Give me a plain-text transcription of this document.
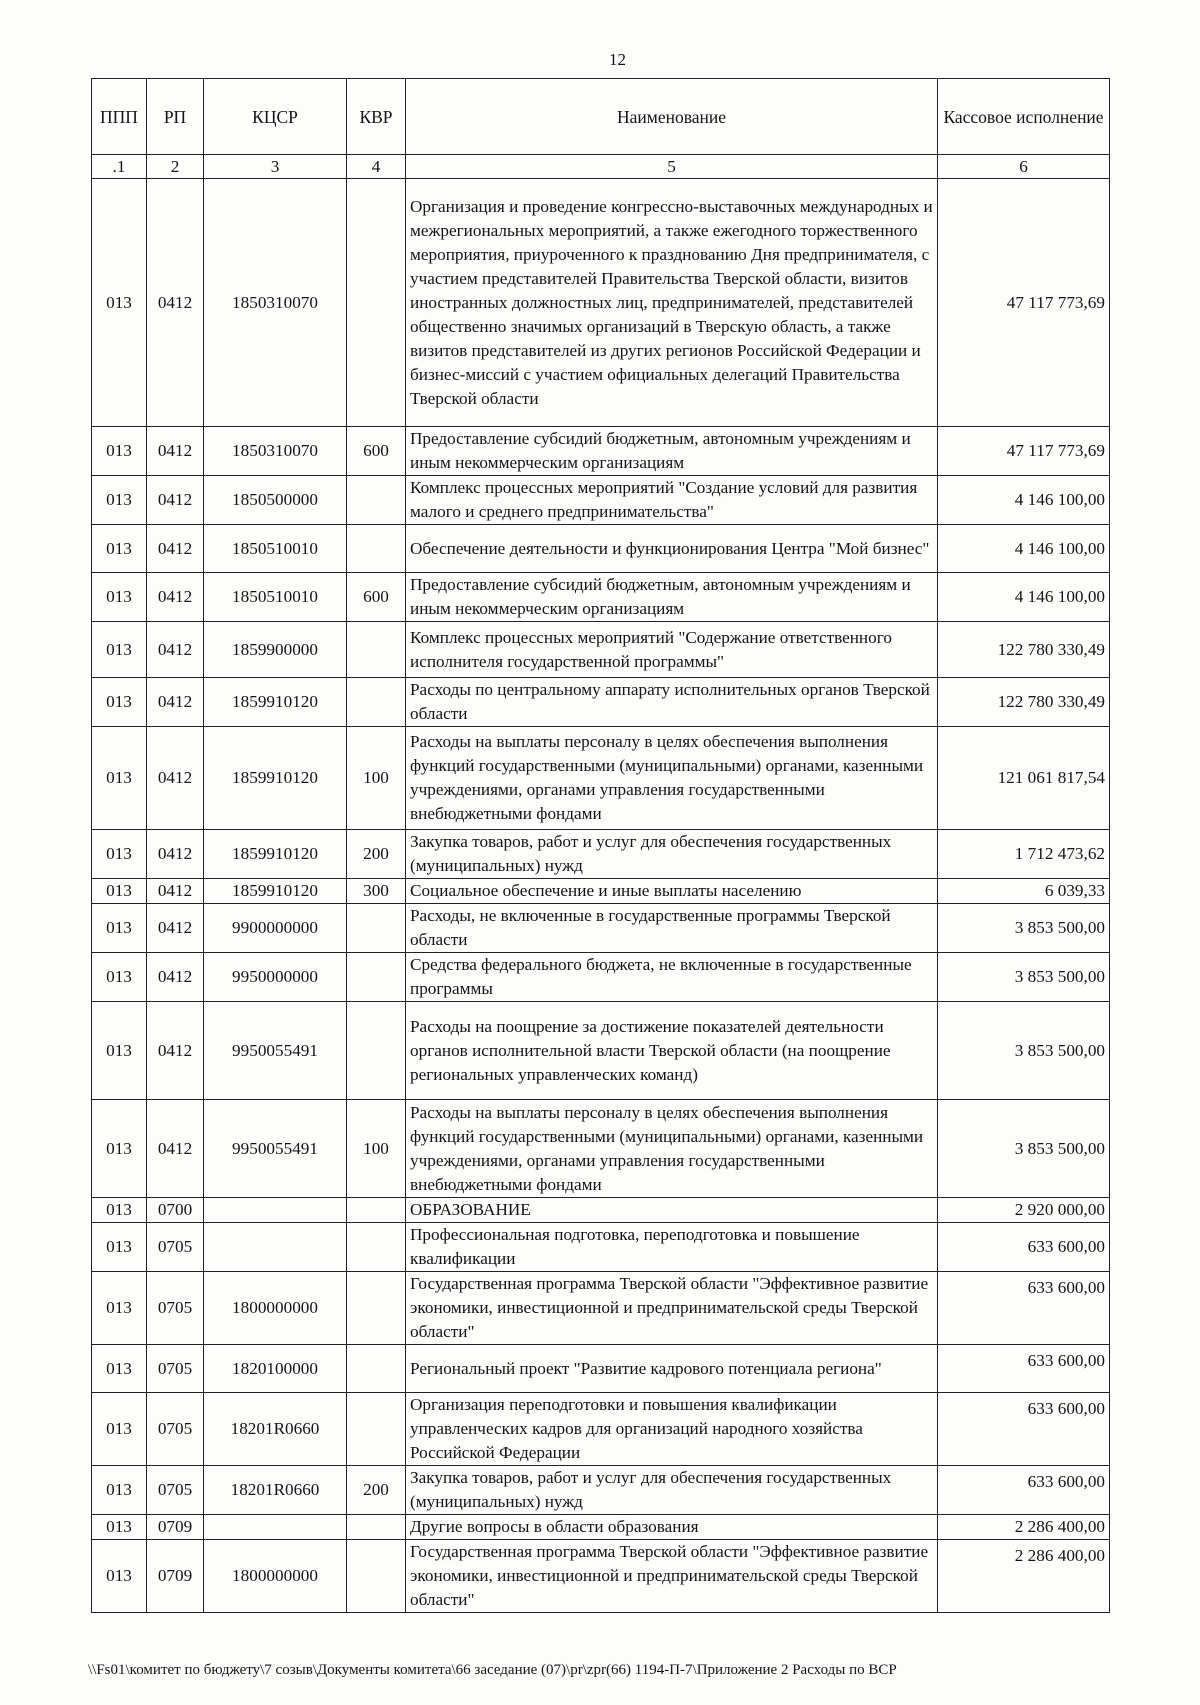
12
ППП	РП	КЦСР	КВР	Наименование	Кассовое исполнение
.1	2	3	4	5	6
013	0412	1850310070		Организация и проведение конгрессно-выставочных международных и межрегиональных мероприятий, а также ежегодного торжественного мероприятия, приуроченного к празднованию Дня предпринимателя, с участием представителей Правительства Тверской области, визитов иностранных должностных лиц, предпринимателей, представителей общественно значимых организаций в Тверскую область, а также визитов представителей из других регионов Российской Федерации и бизнес-миссий с участием официальных делегаций Правительства Тверской области	47 117 773,69
013	0412	1850310070	600	Предоставление субсидий бюджетным, автономным учреждениям и иным некоммерческим организациям	47 117 773,69
013	0412	1850500000		Комплекс процессных мероприятий "Создание условий для развития малого и среднего предпринимательства"	4 146 100,00
013	0412	1850510010		Обеспечение деятельности и функционирования Центра "Мой бизнес"	4 146 100,00
013	0412	1850510010	600	Предоставление субсидий бюджетным, автономным учреждениям и иным некоммерческим организациям	4 146 100,00
013	0412	1859900000		Комплекс процессных мероприятий "Содержание ответственного исполнителя государственной программы"	122 780 330,49
013	0412	1859910120		Расходы по центральному аппарату исполнительных органов Тверской области	122 780 330,49
013	0412	1859910120	100	Расходы на выплаты персоналу в целях обеспечения выполнения функций государственными (муниципальными) органами, казенными учреждениями, органами управления государственными внебюджетными фондами	121 061 817,54
013	0412	1859910120	200	Закупка товаров, работ и услуг для обеспечения государственных (муниципальных) нужд	1 712 473,62
013	0412	1859910120	300	Социальное обеспечение и иные выплаты населению	6 039,33
013	0412	9900000000		Расходы, не включенные в государственные программы Тверской области	3 853 500,00
013	0412	9950000000		Средства федерального бюджета, не включенные в государственные программы	3 853 500,00
013	0412	9950055491		Расходы на поощрение за достижение показателей деятельности органов исполнительной власти Тверской области (на поощрение региональных управленческих команд)	3 853 500,00
013	0412	9950055491	100	Расходы на выплаты персоналу в целях обеспечения выполнения функций государственными (муниципальными) органами, казенными учреждениями, органами управления государственными внебюджетными фондами	3 853 500,00
013	0700			ОБРАЗОВАНИЕ	2 920 000,00
013	0705			Профессиональная подготовка, переподготовка и повышение квалификации	633 600,00
013	0705	1800000000		Государственная программа Тверской области "Эффективное развитие экономики, инвестиционной и предпринимательской среды Тверской области"	633 600,00
013	0705	1820100000		Региональный проект "Развитие кадрового потенциала региона"	633 600,00
013	0705	18201R0660		Организация переподготовки и повышения квалификации управленческих кадров для организаций народного хозяйства Российской Федерации	633 600,00
013	0705	18201R0660	200	Закупка товаров, работ и услуг для обеспечения государственных (муниципальных) нужд	633 600,00
013	0709			Другие вопросы в области образования	2 286 400,00
013	0709	1800000000		Государственная программа Тверской области "Эффективное развитие экономики, инвестиционной и предпринимательской среды Тверской области"	2 286 400,00
\\Fs01\комитет по бюджету\7 созыв\Документы комитета\66 заседание (07)\pr\zpr(66) 1194-П-7\Приложение 2 Расходы по ВСР
